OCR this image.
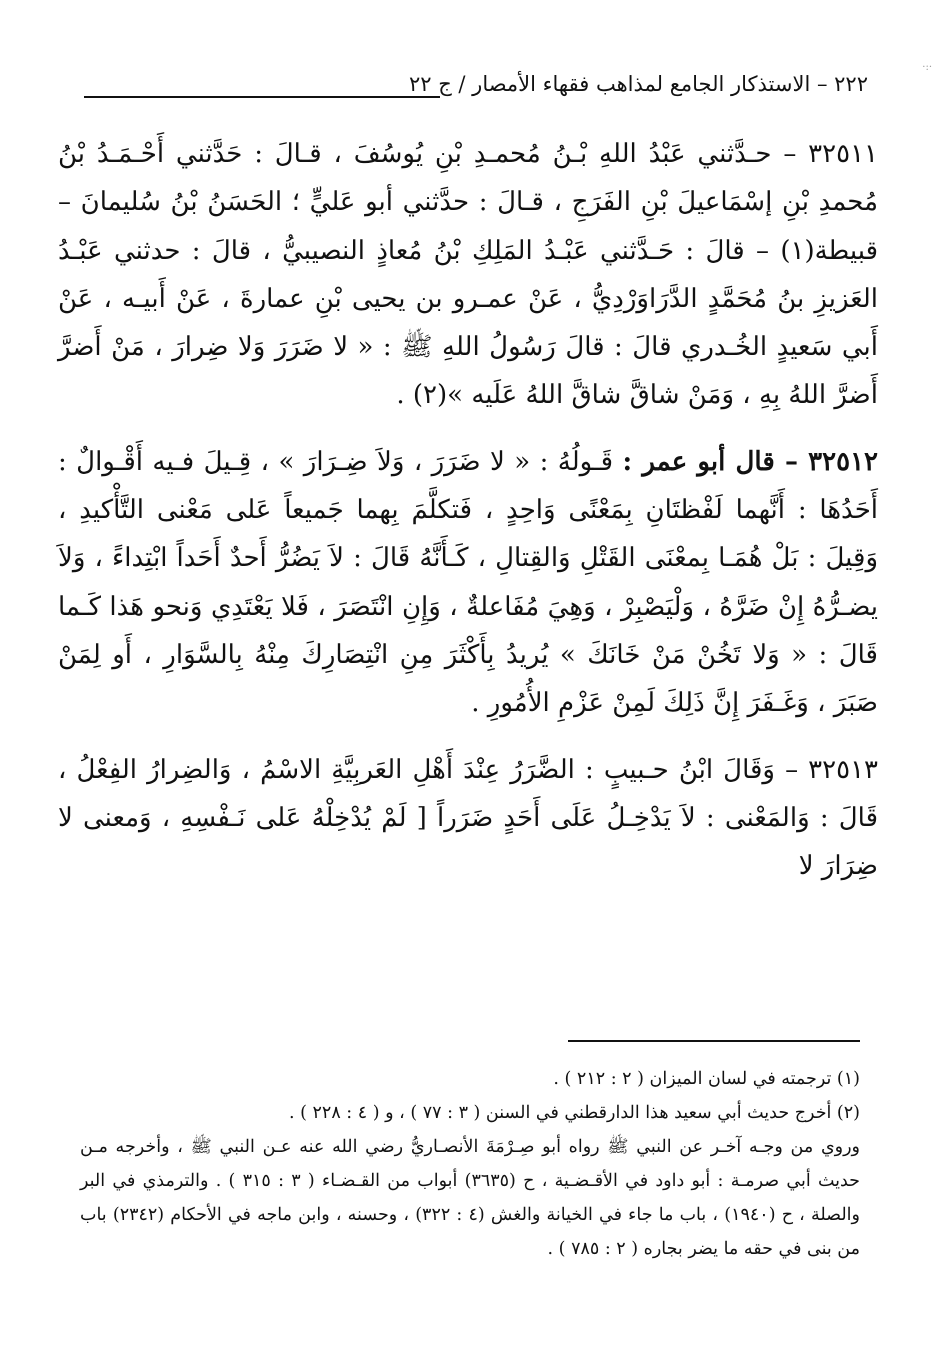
·:·
٢٢٢ – الاستذكار الجامع لمذاهب فقهاء الأمصار / ج ٢٢

٣٢٥١١ – حـدَّثني عَبْدُ اللهِ بْـنُ مُحمـدِ بْنِ يُوسُفَ ، قـالَ : حَدَّثني أَحْـمَـدُ بْنُ مُحمدِ بْنِ إسْمَاعيلَ بْنِ الفَرَجِ ، قـالَ : حدَّثني أبو عَليٍّ ؛ الحَسَنُ بْنُ سُليمانَ – قبيطة(١) – قالَ : حَـدَّثني عَبْـدُ المَلِكِ بْنُ مُعاذٍ النصيبيُّ ، قالَ : حدثني عَبْـدُ العَزيزِ بنُ مُحَمَّدٍ الدَّرَاوَرْدِيُّ ، عَنْ عمـرو بن يحيى بْنِ عمارةَ ، عَنْ أَبيـه ، عَنْ أَبي سَعيدٍ الخُـدري قالَ : قالَ رَسُولُ اللهِ ﷺ : « لا ضَرَرَ وَلا ضِرارَ ، مَنْ أَضرَّ أَضرَّ اللهُ بِهِ ، وَمَنْ شاقَّ شاقَّ اللهُ عَلَيه »(٢) .

٣٢٥١٢ – قال أبو عمر : قَـولُهُ : « لا ضَرَرَ ، وَلاَ ضِـرَارَ » ، قِـيلَ فـيه أَقْـوالٌ : أَحَدُهَا : أَنَّهما لَفْظتَانِ بِمَعْنًى وَاحِدٍ ، فَتكلَّمَ بِهما جَميعاً عَلى مَعْنى التَّأْكيدِ ، وَقِيلَ : بَلْ هُمَـا بِمعْنَى القَتْلِ وَالقِتالِ ، كَـأَنَّهُ قَالَ : لاَ يَضُرُّ أَحدٌ أَحَداً ابْتِداءً ، وَلاَ يضـرُّهُ إِنْ ضَرَّهُ ، وَلْيَصْبِرْ ، وَهِيَ مُفَاعلةٌ ، وَإِنِ انْتَصَرَ ، فَلا يَعْتَدِي وَنحو هَذا كَـما قَالَ : « وَلا تَخُنْ مَنْ خَانَكَ » يُريدُ بِأَكْثَرَ مِنِ انْتِصَارِكَ مِنْهُ بِالسَّوَارِ ، أَو لِمَنْ صَبَرَ ، وَغَـفَرَ إِنَّ ذَلِكَ لَمِنْ عَزْمِ الأُمُورِ .

٣٢٥١٣ – وَقَالَ ابْنُ حـبيبٍ : الضَّرَرُ عِنْدَ أَهْلِ العَربِيَّةِ الاسْمُ ، وَالضِرارُ الفِعْلُ ، قَالَ : وَالمَعْنى : لاَ يَدْخِـلُ عَلَى أَحَدٍ ضَرَراً [ لَمْ يُدْخِلْهُ عَلى نَـفْسِهِ ، وَمعنى لا ضِرَارَ لا

(١) ترجمته في لسان الميزان ( ٢ : ٢١٢ ) .

(٢) أخرج حديث أبي سعيد هذا الدارقطني في السنن ( ٣ : ٧٧ ) ، و ( ٤ : ٢٢٨ ) .

وروي من وجـه آخـر عن النبي ﷺ رواه أبو صِـرْمَةَ الأنصـاريُّ رضي الله عنه عـن النبي ﷺ ، وأخرجه مـن حديث أبي صرمـة : أبو داود في الأقـضـية ، ح (٣٦٣٥) أبواب من القـضـاء ( ٣ : ٣١٥ ) . والترمذي في البر والصلة ، ح (١٩٤٠) ، باب ما جاء في الخيانة والغش (٤ : ٣٢٢) ، وحسنه ، وابن ماجه في الأحكام (٢٣٤٢) باب من بنى في حقه ما يضر بجاره ( ٢ : ٧٨٥ ) .
